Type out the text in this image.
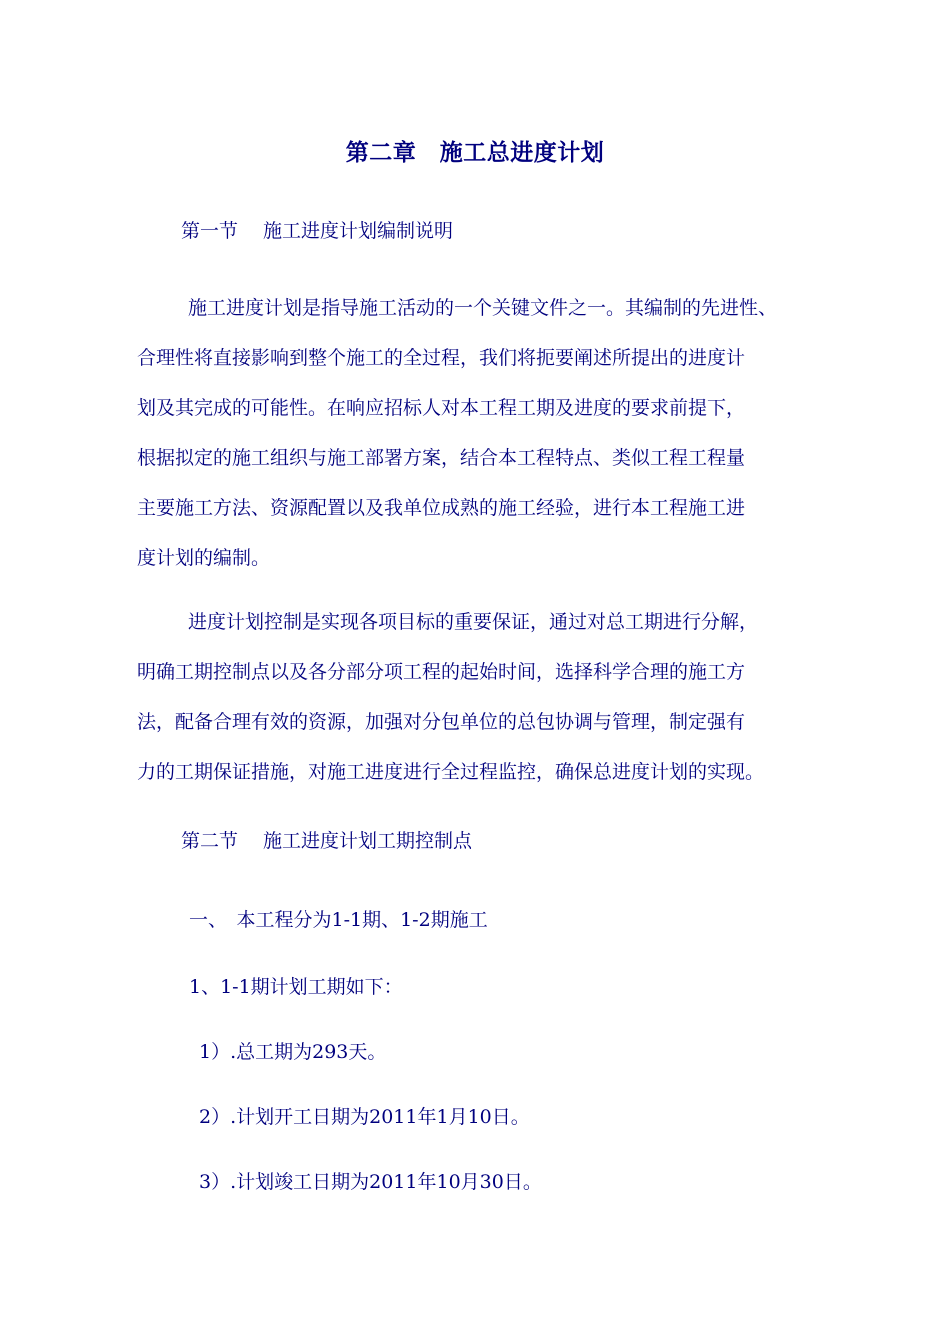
第二章　施工总进度计划
第一节　 施工进度计划编制说明
施工进度计划是指导施工活动的一个关键文件之一。其编制的先进性、
合理性将直接影响到整个施工的全过程，我们将扼要阐述所提出的进度计
划及其完成的可能性。在响应招标人对本工程工期及进度的要求前提下，
根据拟定的施工组织与施工部署方案，结合本工程特点、类似工程工程量
主要施工方法、资源配置以及我单位成熟的施工经验，进行本工程施工进
度计划的编制。
进度计划控制是实现各项目标的重要保证，通过对总工期进行分解，
明确工期控制点以及各分部分项工程的起始时间，选择科学合理的施工方
法，配备合理有效的资源，加强对分包单位的总包协调与管理，制定强有
力的工期保证措施，对施工进度进行全过程监控，确保总进度计划的实现。
第二节　 施工进度计划工期控制点
一、　本工程分为1-1期、1-2期施工
1、1-1期计划工期如下：
1）.总工期为293天。
2）.计划开工日期为2011年1月10日。
3）.计划竣工日期为2011年10月30日。
